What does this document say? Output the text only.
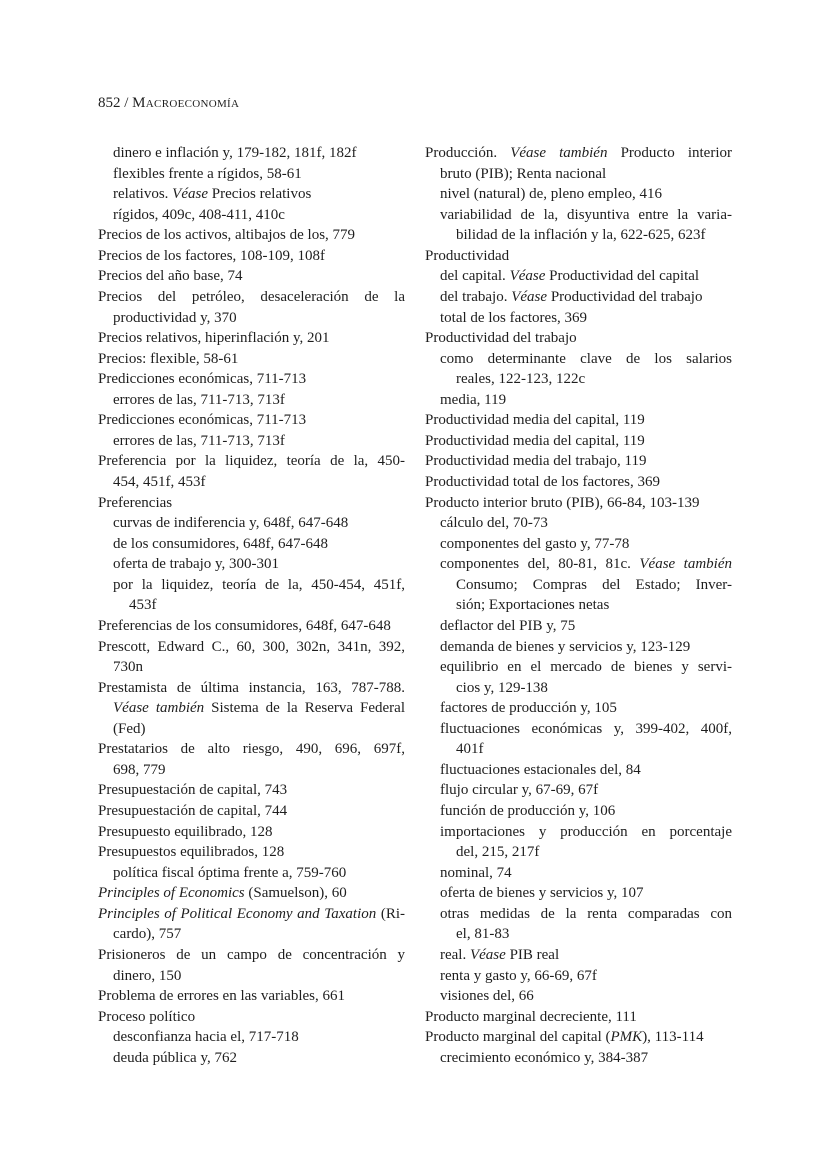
852 / Macroeconomía
dinero e inflación y, 179-182, 181f, 182f
flexibles frente a rígidos, 58-61
relativos. Véase Precios relativos
rígidos, 409c, 408-411, 410c
Precios de los activos, altibajos de los, 779
Precios de los factores, 108-109, 108f
Precios del año base, 74
Precios del petróleo, desaceleración de la
productividad y, 370
Precios relativos, hiperinflación y, 201
Precios: flexible, 58-61
Predicciones económicas, 711-713
errores de las, 711-713, 713f
Predicciones económicas, 711-713
errores de las, 711-713, 713f
Preferencia por la liquidez, teoría de la, 450-
454, 451f, 453f
Preferencias
curvas de indiferencia y, 648f, 647-648
de los consumidores, 648f, 647-648
oferta de trabajo y, 300-301
por la liquidez, teoría de la, 450-454, 451f,
453f
Preferencias de los consumidores, 648f, 647-648
Prescott, Edward C., 60, 300, 302n, 341n, 392,
730n
Prestamista de última instancia, 163, 787-788.
Véase también Sistema de la Reserva Federal
(Fed)
Prestatarios de alto riesgo, 490, 696, 697f,
698, 779
Presupuestación de capital, 743
Presupuestación de capital, 744
Presupuesto equilibrado, 128
Presupuestos equilibrados, 128
política fiscal óptima frente a, 759-760
Principles of Economics (Samuelson), 60
Principles of Political Economy and Taxation (Ri-
cardo), 757
Prisioneros de un campo de concentración y
dinero, 150
Problema de errores en las variables, 661
Proceso político
desconfianza hacia el, 717-718
deuda pública y, 762
Producción. Véase también Producto interior
bruto (PIB); Renta nacional
nivel (natural) de, pleno empleo, 416
variabilidad de la, disyuntiva entre la varia-
bilidad de la inflación y la, 622-625, 623f
Productividad
del capital. Véase Productividad del capital
del trabajo. Véase Productividad del trabajo
total de los factores, 369
Productividad del trabajo
como determinante clave de los salarios
reales, 122-123, 122c
media, 119
Productividad media del capital, 119
Productividad media del capital, 119
Productividad media del trabajo, 119
Productividad total de los factores, 369
Producto interior bruto (PIB), 66-84, 103-139
cálculo del, 70-73
componentes del gasto y, 77-78
componentes del, 80-81, 81c. Véase también
Consumo; Compras del Estado; Inver-
sión; Exportaciones netas
deflactor del PIB y, 75
demanda de bienes y servicios y, 123-129
equilibrio en el mercado de bienes y servi-
cios y, 129-138
factores de producción y, 105
fluctuaciones económicas y, 399-402, 400f,
401f
fluctuaciones estacionales del, 84
flujo circular y, 67-69, 67f
función de producción y, 106
importaciones y producción en porcentaje
del, 215, 217f
nominal, 74
oferta de bienes y servicios y, 107
otras medidas de la renta comparadas con
el, 81-83
real. Véase PIB real
renta y gasto y, 66-69, 67f
visiones del, 66
Producto marginal decreciente, 111
Producto marginal del capital (PMK), 113-114
crecimiento económico y, 384-387
